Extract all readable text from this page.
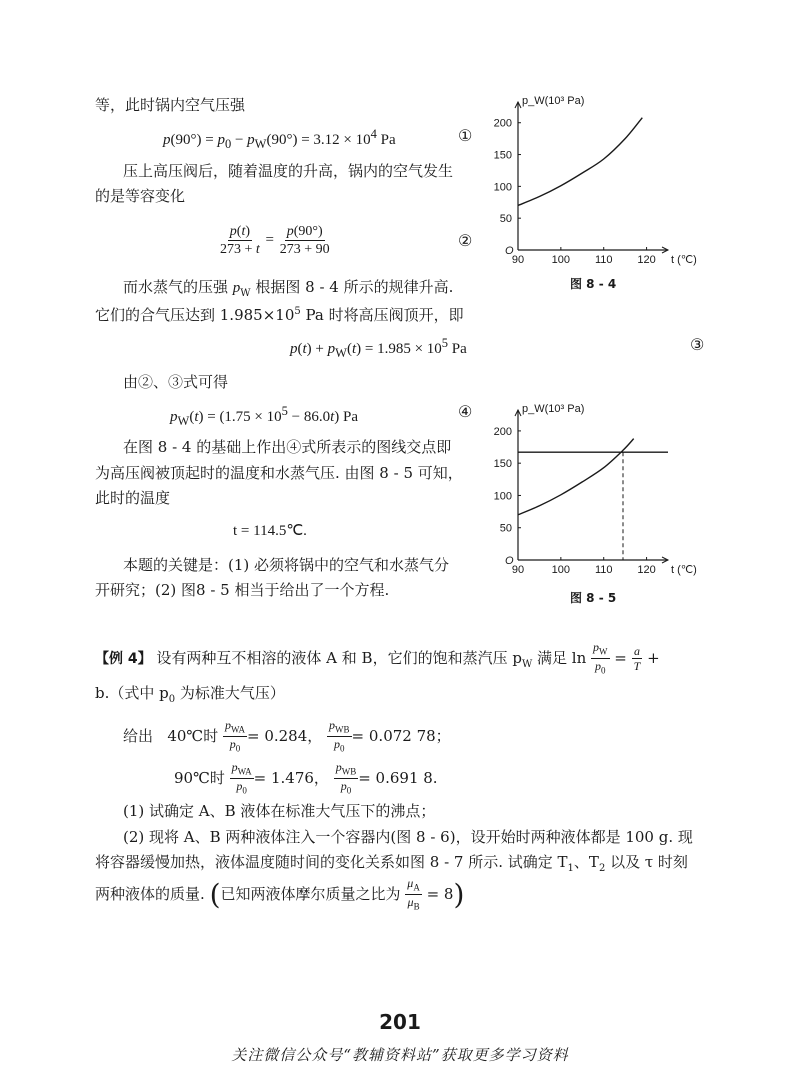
等，此时锅内空气压强
$p(90^\circ) = p_0 - p_W(90^\circ) = 3.12 \times 10^4$ Pa	①
压上高压阀后，随着温度的升高，锅内的空气发生
的是等容变化
$\frac{p(t)}{273 + t} = \frac{p(90^\circ)}{273 + 90}$	②
而水蒸气的压强 $p_W$ 根据图 8 - 4 所示的规律升高.
它们的合气压达到 $1.985\times 10^5$ Pa 时将高压阀顶开，即
$p(t) + p_W(t) = 1.985 \times 10^5$ Pa	③
由②、③式可得
$p_W(t) = (1.75 \times 10^5 - 86.0t)$ Pa	④
在图 8 - 4 的基础上作出④式所表示的图线交点即
为高压阀被顶起时的温度和水蒸气压. 由图 8 - 5 可知，
此时的温度
t = 114.5℃.
本题的关键是：(1) 必须将锅中的空气和水蒸气分
开研究；(2) 图8 - 5 相当于给出了一个方程.
O
90	100 110 120 t (℃)
50
100
150
200
p_W(10³ Pa)
图 8 - 4
O
90	100 110 120 t (℃)
50
100
150
200
p_W(10³ Pa)
图 8 - 5
【例 4】 设有两种互不相溶的液体 A 和 B，它们的饱和蒸汽压 $p_W$ 满足 $\ln \frac{p_W}{p_0} = \frac{a}{T}$ +
b.（式中 $p_0$ 为标准大气压）
给出 40℃时 $\frac{p_{WA}}{p_0} = 0.284$， $\frac{p_{WB}}{p_0} = 0.072$ 78；
90℃时 $\frac{p_{WA}}{p_0} = 1.476$， $\frac{p_{WB}}{p_0} = 0.691$ 8.
(1) 试确定 A、B 液体在标准大气压下的沸点；
(2) 现将 A、B 两种液体注入一个容器内(图 8 - 6)，设开始时两种液体都是 100 g. 现
将容器缓慢加热，液体温度随时间的变化关系如图 8 - 7 所示. 试确定 $T_1$、$T_2$ 以及 τ 时刻
两种液体的质量. (已知两液体摩尔质量之比为 $\frac{\mu_A}{\mu_B} = 8$)
201
关注微信公众号“教辅资料站”获取更多学习资料
